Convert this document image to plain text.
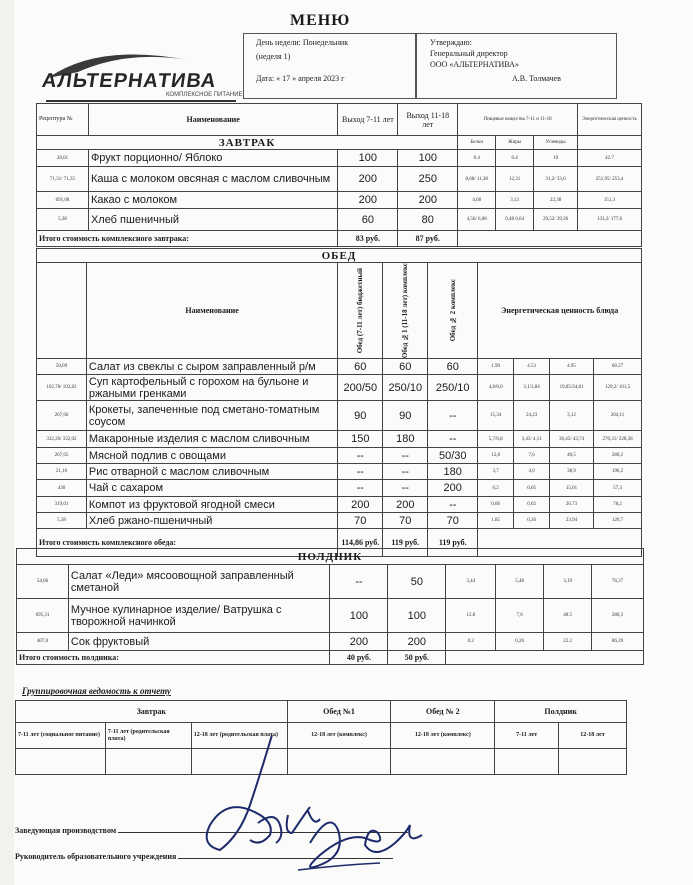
МЕНЮ
АЛЬТЕРНАТИВА
КОМПЛЕКСНОЕ ПИТАНИЕ
День недели: Понедельник
(неделя 1)
Дата: « 17 » апреля 2023 г
Утверждаю:
Генеральный директор
ООО «АЛЬТЕРНАТИВА»
А.В. Толмачев
Рецептура №	Наименование	Выход 7-11 лет	Выход 11-18 лет	Пищевые вещества 7-11 и 11-18			Энергетическая ценность
ЗАВТРАК				Белки	Жиры	Углеводы	
28,01	Фрукт порционно/ Яблоко	100	100	0.4	0.4	10	42.7
71,31/ 71,35	Каша с молоком овсяная с маслом сливочным	200	250	8,68/ 11,38	12,31	31,2/ 33,6	251,95/ 253,4
691,08	Какао с молоком	200	200	4,68	3,13	22,38	151,3
5,38	Хлеб пшеничный	60	80	4,56/ 6,08	0,48 0,64	29,52/ 39,36	133,2/ 177,6
Итого стоимость комплексного завтрака:		83 руб.	87 руб.				
ОБЕД								
	Наименование	Обед (7-11 лет) бюджетный	Обед №1 (11-18 лет) комплекс	Обед № 2 комплекс	Энергетическая ценность блюда			
50,09	Салат из свеклы с сыром заправленный р/м	60	60	60	1.99	4.53	4.95	68.27
102,78/ 102,82	Суп картофельный с горохом на бульоне и ржаными гренками	200/50	250/10	250/10	4,8/6,0	3,1/3,84	19,85/24,81	129,2/ 161,5
267,66	Крокеты, запеченные под сметано-томатным соусом	90	90	--	15,34	24,23	3,12	204,11
332,26/ 332,02	Макаронные изделия с маслом сливочным	150	180	--	5,7/6,8	3,43/ 4,11	36,45/ 43,74	270,31/ 228,38
267,65	Мясной подлив с овощами	--	--	50/30	12,8	7,6	40,5	280,2
21,10	Рис отварной с маслом сливочным	--	--	180	3,7	4,0	38,9	196,2
430	Чай с сахаром	--	--	200	0,2	0,05	15,01	57,3
319,01	Компот из фруктовой ягодной смеси	200	200	--	0,06	0,02	20.73	78,2
5,38	Хлеб ржано-пшеничный	70	70	70	1.85	0,36	23,94	126,7
Итого стоимость комплексного обеда:		114,86 руб.	119 руб.	119 руб.				
ПОЛДНИК							
54,66	Салат «Леди» мясоовощной заправленный сметаной	--	50	3,44	5,48	3,19	76,37
695,31	Мучное кулинарное изделие/ Ватрушка с творожной начинкой	100	100	12.8	7,6	40.5	280,3
407,0	Сок фруктовый	200	200	0.2	0,26	22.2	86,39
Итого стоимость полдника:		40 руб.	50 руб.				
Группировочная ведомость к отчету
Завтрак			Обед №1	Обед № 2	Полдник	
7-11 лет (социальное питание)	7-11 лет (родительская плата)	12-18 лет (родительская плата)	12-18 лет (комплекс)	12-18 лет (комплекс)	7-11 лет	12-18 лет

Заведующая производством
Руководитель образовательного учреждения
